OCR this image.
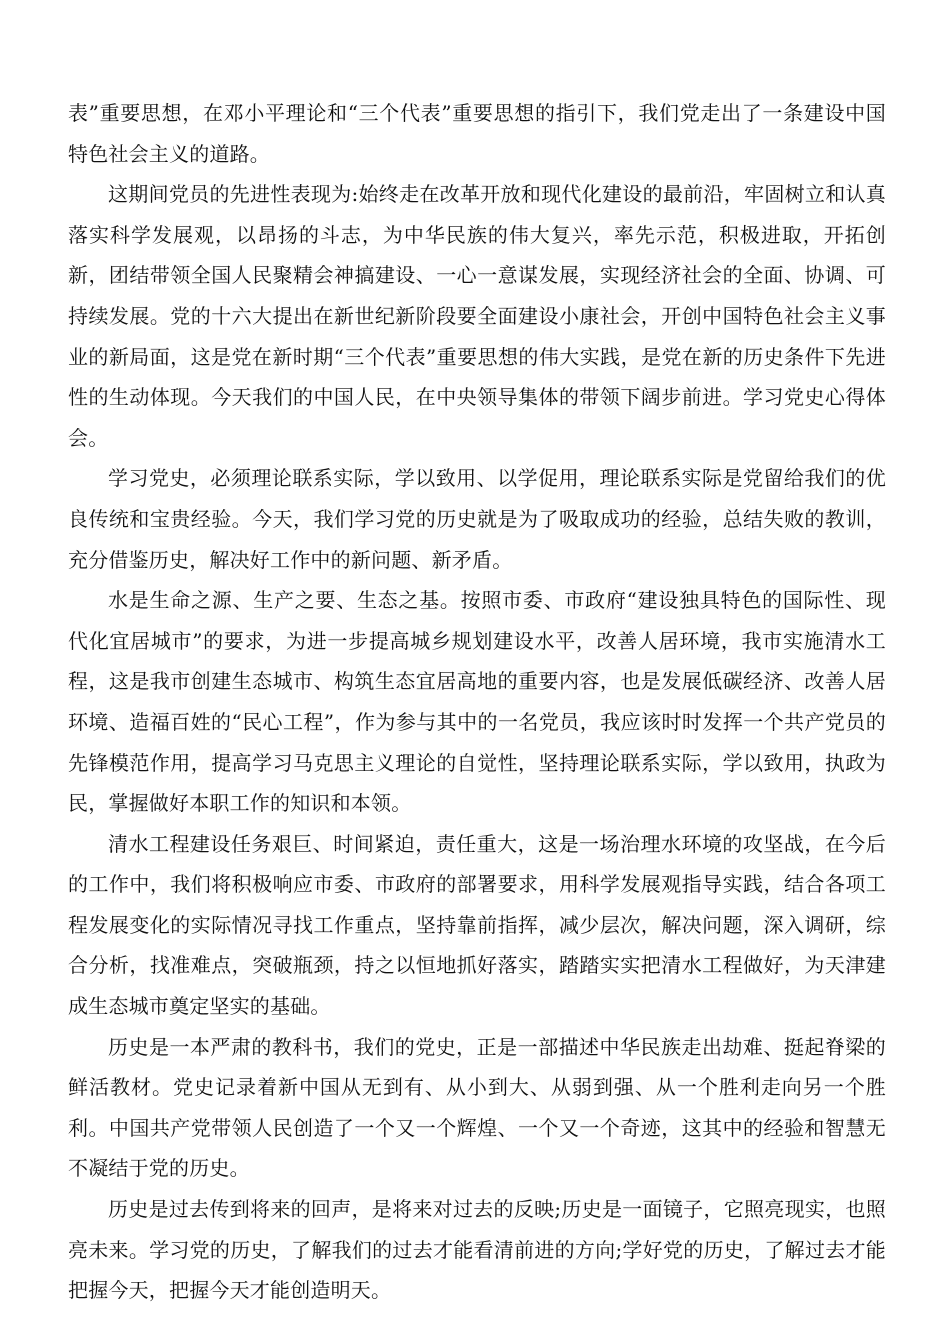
表”重要思想，在邓小平理论和“三个代表”重要思想的指引下，我们党走出了一条建设中国特色社会主义的道路。

这期间党员的先进性表现为:始终走在改革开放和现代化建设的最前沿，牢固树立和认真落实科学发展观，以昂扬的斗志，为中华民族的伟大复兴，率先示范，积极进取，开拓创新，团结带领全国人民聚精会神搞建设、一心一意谋发展，实现经济社会的全面、协调、可持续发展。党的十六大提出在新世纪新阶段要全面建设小康社会，开创中国特色社会主义事业的新局面，这是党在新时期“三个代表”重要思想的伟大实践，是党在新的历史条件下先进性的生动体现。今天我们的中国人民，在中央领导集体的带领下阔步前进。学习党史心得体会。

学习党史，必须理论联系实际，学以致用、以学促用，理论联系实际是党留给我们的优良传统和宝贵经验。今天，我们学习党的历史就是为了吸取成功的经验，总结失败的教训，充分借鉴历史，解决好工作中的新问题、新矛盾。

水是生命之源、生产之要、生态之基。按照市委、市政府“建设独具特色的国际性、现代化宜居城市”的要求，为进一步提高城乡规划建设水平，改善人居环境，我市实施清水工程，这是我市创建生态城市、构筑生态宜居高地的重要内容，也是发展低碳经济、改善人居环境、造福百姓的“民心工程”，作为参与其中的一名党员，我应该时时发挥一个共产党员的先锋模范作用，提高学习马克思主义理论的自觉性，坚持理论联系实际，学以致用，执政为民，掌握做好本职工作的知识和本领。

清水工程建设任务艰巨、时间紧迫，责任重大，这是一场治理水环境的攻坚战，在今后的工作中，我们将积极响应市委、市政府的部署要求，用科学发展观指导实践，结合各项工程发展变化的实际情况寻找工作重点，坚持靠前指挥，减少层次，解决问题，深入调研，综合分析，找准难点，突破瓶颈，持之以恒地抓好落实，踏踏实实把清水工程做好，为天津建成生态城市奠定坚实的基础。

历史是一本严肃的教科书，我们的党史，正是一部描述中华民族走出劫难、挺起脊梁的鲜活教材。党史记录着新中国从无到有、从小到大、从弱到强、从一个胜利走向另一个胜利。中国共产党带领人民创造了一个又一个辉煌、一个又一个奇迹，这其中的经验和智慧无不凝结于党的历史。

历史是过去传到将来的回声，是将来对过去的反映;历史是一面镜子，它照亮现实，也照亮未来。学习党的历史，了解我们的过去才能看清前进的方向;学好党的历史，了解过去才能把握今天，把握今天才能创造明天。
